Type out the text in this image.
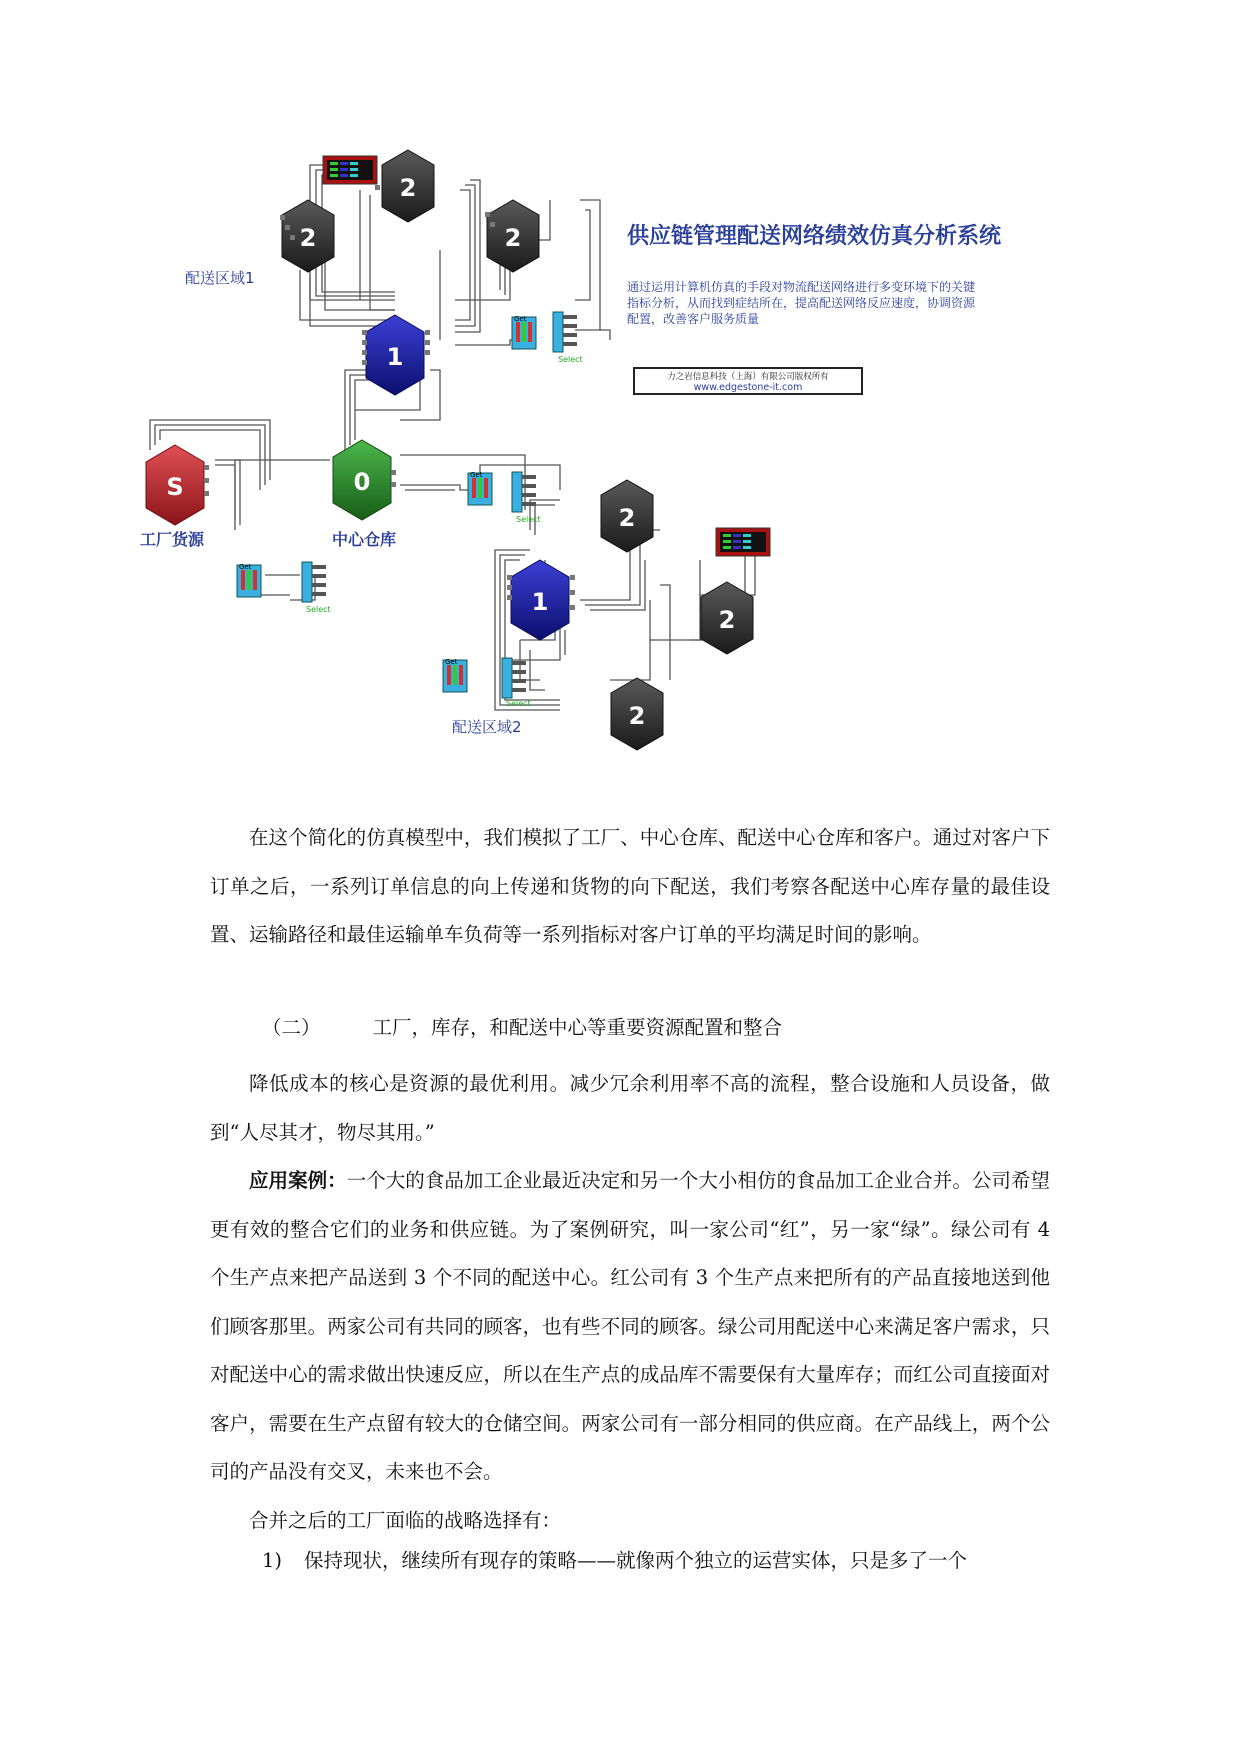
2
2	2
1
S	0
2
1
2
2
Get
Select
Get
Select
Get
Select
Get
Select
配送区域1
工厂货源	中心仓库
配送区域2
供应链管理配送网络绩效仿真分析系统
通过运用计算机仿真的手段对物流配送网络进行多变环境下的关键
指标分析，从而找到症结所在，提高配送网络反应速度，协调资源
配置，改善客户服务质量
力之岩信息科技（上海）有限公司版权所有
www.edgestone-it.com

在这个简化的仿真模型中，我们模拟了工厂、中心仓库、配送中心仓库和客户。通过对客户下订单之后，一系列订单信息的向上传递和货物的向下配送，我们考察各配送中心库存量的最佳设置、运输路径和最佳运输单车负荷等一系列指标对客户订单的平均满足时间的影响。

（二）	工厂，库存，和配送中心等重要资源配置和整合

降低成本的核心是资源的最优利用。减少冗余利用率不高的流程，整合设施和人员设备，做到“人尽其才，物尽其用。”

应用案例：一个大的食品加工企业最近决定和另一个大小相仿的食品加工企业合并。公司希望更有效的整合它们的业务和供应链。为了案例研究，叫一家公司“红”，另一家“绿”。绿公司有 4 个生产点来把产品送到 3 个不同的配送中心。红公司有 3 个生产点来把所有的产品直接地送到他们顾客那里。两家公司有共同的顾客，也有些不同的顾客。绿公司用配送中心来满足客户需求，只对配送中心的需求做出快速反应，所以在生产点的成品库不需要保有大量库存；而红公司直接面对客户，需要在生产点留有较大的仓储空间。两家公司有一部分相同的供应商。在产品线上，两个公司的产品没有交叉，未来也不会。

合并之后的工厂面临的战略选择有：

1) 保持现状，继续所有现存的策略——就像两个独立的运营实体，只是多了一个
